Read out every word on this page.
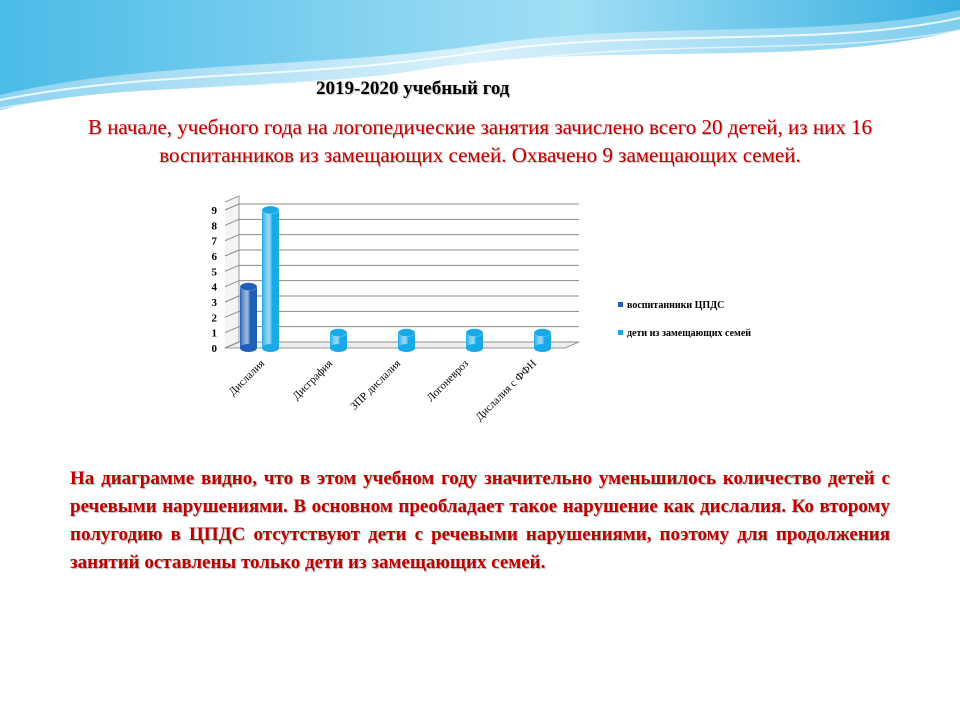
2019-2020 учебный год
В начале, учебного года на логопедические занятия зачислено всего 20 детей, из них 16 воспитанников из замещающих семей. Охвачено 9 замещающих семей.
0
1
2
3
4
5
6
7
8
9
Дислалия Дисграфия ЗПР дислалия Логоневроз Дислалия с ФФН
воспитанники ЦПДС
дети из замещающих семей
На диаграмме видно, что в этом учебном году значительно уменьшилось количество детей с речевыми нарушениями. В основном преобладает такое нарушение как дислалия. Ко второму полугодию в ЦПДС отсутствуют дети с речевыми нарушениями, поэтому для продолжения занятий оставлены только дети из замещающих семей.
